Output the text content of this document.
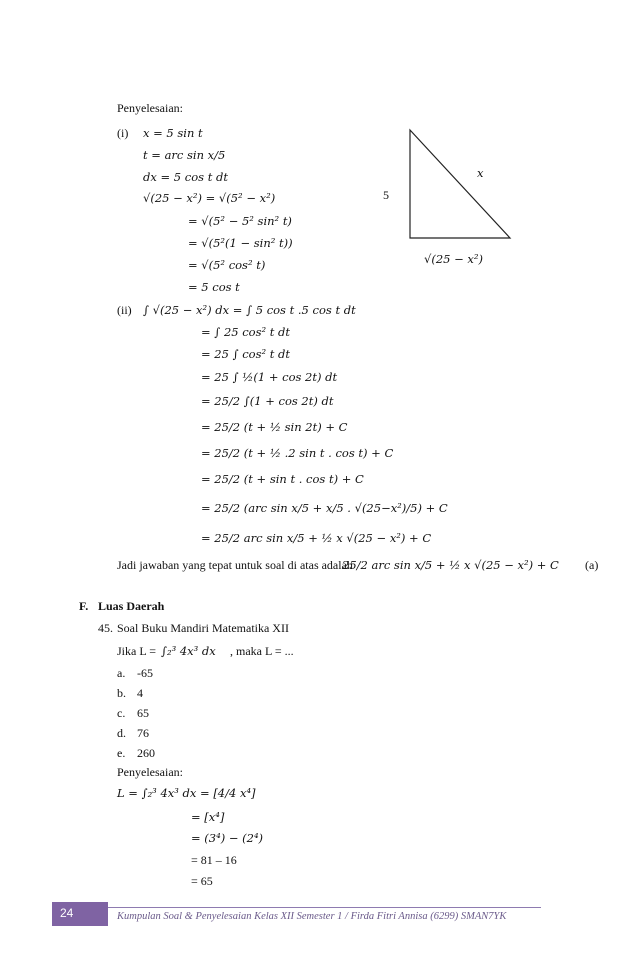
Penyelesaian:
(i) x = 5 sin t
t = arc sin x/5
dx = 5 cos t dt
√(25 − x²) = √(5² − x²)
= √(5² − 5² sin² t)
= √(5²(1 − sin² t))
= √(5² cos² t)
= 5 cos t
x
5
√(25 − x²)
(ii) ∫ √(25 − x²) dx = ∫ 5 cos t .5 cos t dt
= ∫ 25 cos² t dt
= 25 ∫ cos² t dt
= 25 ∫ ½(1 + cos 2t) dt
= 25/2 ∫(1 + cos 2t) dt
= 25/2 (t + ½ sin 2t) + C
= 25/2 (t + ½ .2 sin t . cos t) + C
= 25/2 (t + sin t . cos t) + C
= 25/2 (arc sin x/5 + x/5 . √(25−x²)/5) + C
= 25/2 arc sin x/5 + ½ x √(25 − x²) + C
Jadi jawaban yang tepat untuk soal di atas adalah
25/2 arc sin x/5 + ½ x √(25 − x²) + C (a)
F. Luas Daerah
45. Soal Buku Mandiri Matematika XII
Jika L = ∫₂³ 4x³ dx , maka L = ...
a. -65
b. 4
c. 65
d. 76
e. 260
Penyelesaian:
L = ∫₂³ 4x³ dx = [4/4 x⁴]
= [x⁴]
= (3⁴) − (2⁴)
= 81 – 16
24	Kumpulan Soal & Penyelesaian Kelas XII Semester 1 / Firda Fitri Annisa (6299) SMAN7YK
= 65
